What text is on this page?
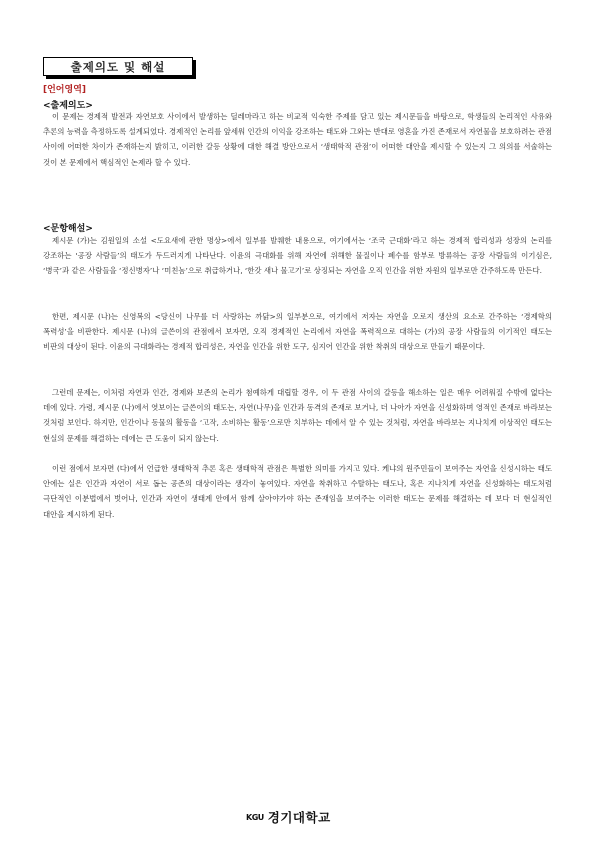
출제의도 및 해설
[언어영역]
<출제의도>
이 문제는 경제적 발전과 자연보호 사이에서 발생하는 딜레마라고 하는 비교적 익숙한 주제를 담고 있는 제시문들을 바탕으로, 학생들의 논리적인 사유와 추론의 능력을 측정하도록 설계되었다. 경제적인 논리를 앞세워 인간의 이익을 강조하는 태도와 그와는 반대로 영혼을 가진 존재로서 자연물을 보호하려는 관점 사이에 어떠한 차이가 존재하는지 밝히고, 이러한 갈등 상황에 대한 해결 방안으로서 ‘생태학적 관점’이 어떠한 대안을 제시할 수 있는지 그 의의를 서술하는 것이 본 문제에서 핵심적인 논제라 할 수 있다.
<문항해설>
제시문 (가)는 김원일의 소설 <도요새에 관한 명상>에서 일부를 발췌한 내용으로, 여기에서는 ‘조국 근대화’라고 하는 경제적 합리성과 성장의 논리를 강조하는 ‘공장 사람들’의 태도가 두드러지게 나타난다. 이윤의 극대화를 위해 자연에 위해한 물질이나 폐수를 함부로 방류하는 공장 사람들의 이기심은, ‘병국’과 같은 사람들을 ‘정신병자’나 ‘미친놈’으로 취급하거나, ‘한갓 새나 물고기’로 상징되는 자연을 오직 인간을 위한 자원의 일부로만 간주하도록 만든다.
한편, 제시문 (나)는 신영복의 <당신이 나무를 더 사랑하는 까닭>의 일부분으로, 여기에서 저자는 자연을 오로지 생산의 요소로 간주하는 ‘경제학의 폭력성’을 비판한다. 제시문 (나)의 글쓴이의 관점에서 보자면, 오직 경제적인 논리에서 자연을 폭력적으로 대하는 (가)의 공장 사람들의 이기적인 태도는 비판의 대상이 된다. 이윤의 극대화라는 경제적 합리성은, 자연을 인간을 위한 도구, 심지어 인간을 위한 착취의 대상으로 만들기 때문이다.
그런데 문제는, 이처럼 자연과 인간, 경제와 보존의 논리가 첨예하게 대립할 경우, 이 두 관점 사이의 갈등을 해소하는 일은 매우 어려워질 수밖에 없다는 데에 있다. 가령, 제시문 (나)에서 엿보이는 글쓴이의 태도는, 자연(나무)을 인간과 동격의 존재로 보거나, 더 나아가 자연을 신성화하며 영적인 존재로 바라보는 것처럼 보인다. 하지만, 인간이나 동물의 활동을 ‘고작, 소비하는 활동’으로만 치부하는 데에서 알 수 있는 것처럼, 자연을 바라보는 지나치게 이상적인 태도는 현실의 문제를 해결하는 데에는 큰 도움이 되지 않는다.
이런 점에서 보자면 (다)에서 언급한 생태학적 추론 혹은 생태학적 관점은 특별한 의미를 가지고 있다. 케냐의 원주민들이 보여주는 자연을 신성시하는 태도 안에는 실은 인간과 자연이 서로 돕는 공존의 대상이라는 생각이 놓여있다. 자연을 착취하고 수탈하는 태도나, 혹은 지나치게 자연을 신성화하는 태도처럼 극단적인 이분법에서 벗어나, 인간과 자연이 생태계 안에서 함께 살아야가야 하는 존재임을 보여주는 이러한 태도는 문제를 해결하는 데 보다 더 현실적인 대안을 제시하게 된다.
KGU 경기대학교
